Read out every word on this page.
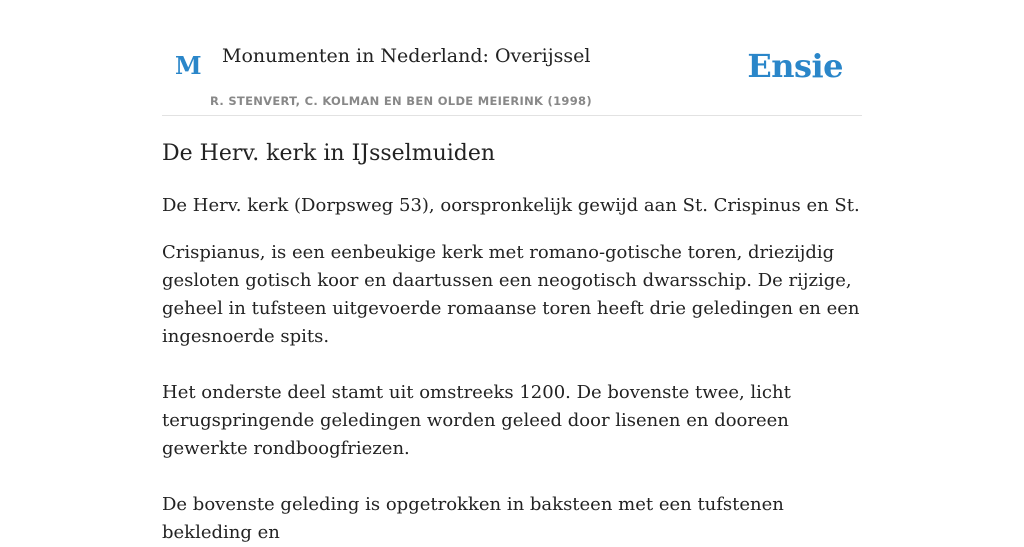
M Monumenten in Nederland: Overijssel
R. STENVERT, C. KOLMAN EN BEN OLDE MEIERINK (1998)
Ensie
De Herv. kerk in IJsselmuiden

De Herv. kerk (Dorpsweg 53), oorspronkelijk gewijd aan St. Crispinus en St.

Crispianus, is een eenbeukige kerk met romano-gotische toren, driezijdig gesloten gotisch koor en daartussen een neogotisch dwarsschip. De rijzige, geheel in tufsteen uitgevoerde romaanse toren heeft drie geledingen en een ingesnoerde spits.

Het onderste deel stamt uit omstreeks 1200. De bovenste twee, licht terugspringende geledingen worden geleed door lisenen en dooreen gewerkte rondboogfriezen.

De bovenste geleding is opgetrokken in baksteen met een tufstenen bekleding en
